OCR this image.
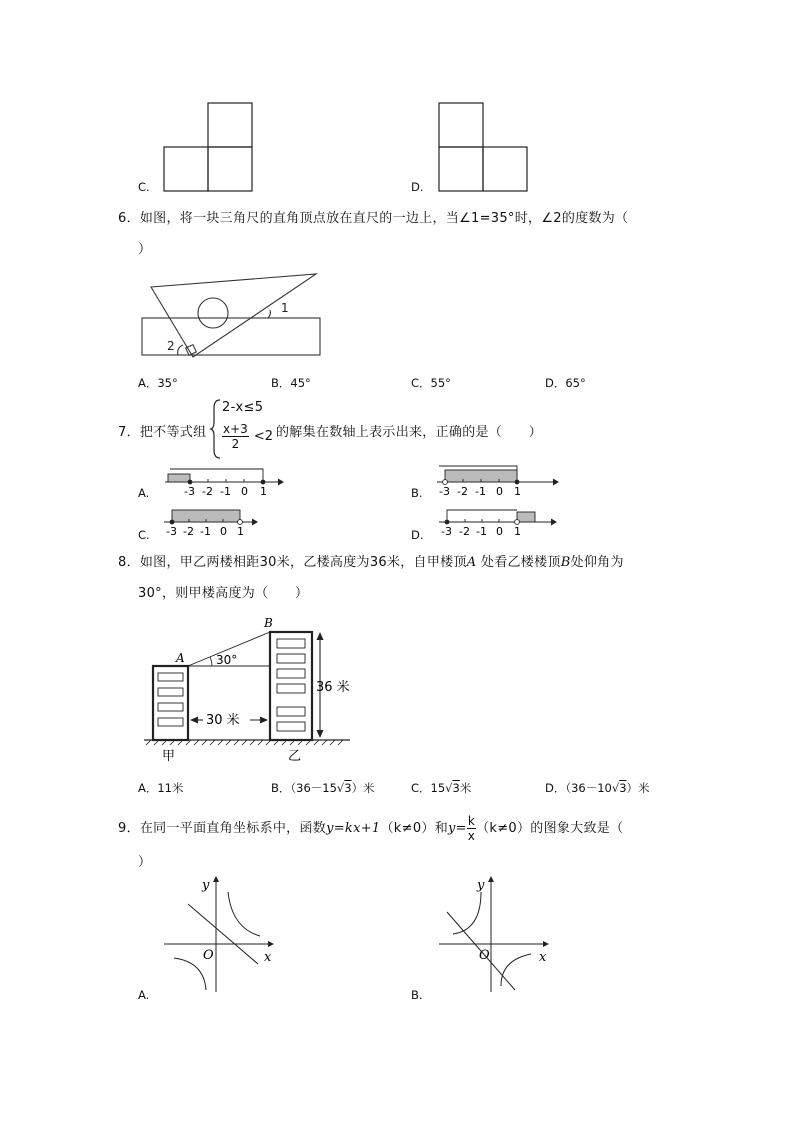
C.	D.
6．如图，将一块三角尺的直角顶点放在直尺的一边上，当∠1=35°时，∠2的度数为（
）
1
2
A．35°	B．45°	C．55°	D．65°
7．把不等式组
2-x≤5
$\frac{x+3}{2} <2$ 的解集在数轴上表示出来，正确的是（　　）
A.	-3 -2 -1 0 1	B. -3 -2 -1 0 1
C. -3 -2 -1 0 1	D. -3 -2 -1 0 1
8．如图，甲乙两楼相距30米，乙楼高度为36米，自甲楼顶A 处看乙楼楼顶B处仰角为
30°，则甲楼高度为（　　）
A
B
30°
36 米
30 米
甲	乙
A．11米	B．（36－15√3）米	C．15√3米	D．（36－10√3）米
9．在同一平面直角坐标系中，函数y=kx+1（k≠0）和$y= \frac{k}{x} (k\ne 0)$的图象大致是（
）
y
x
O
A.
y
x
O
B.
